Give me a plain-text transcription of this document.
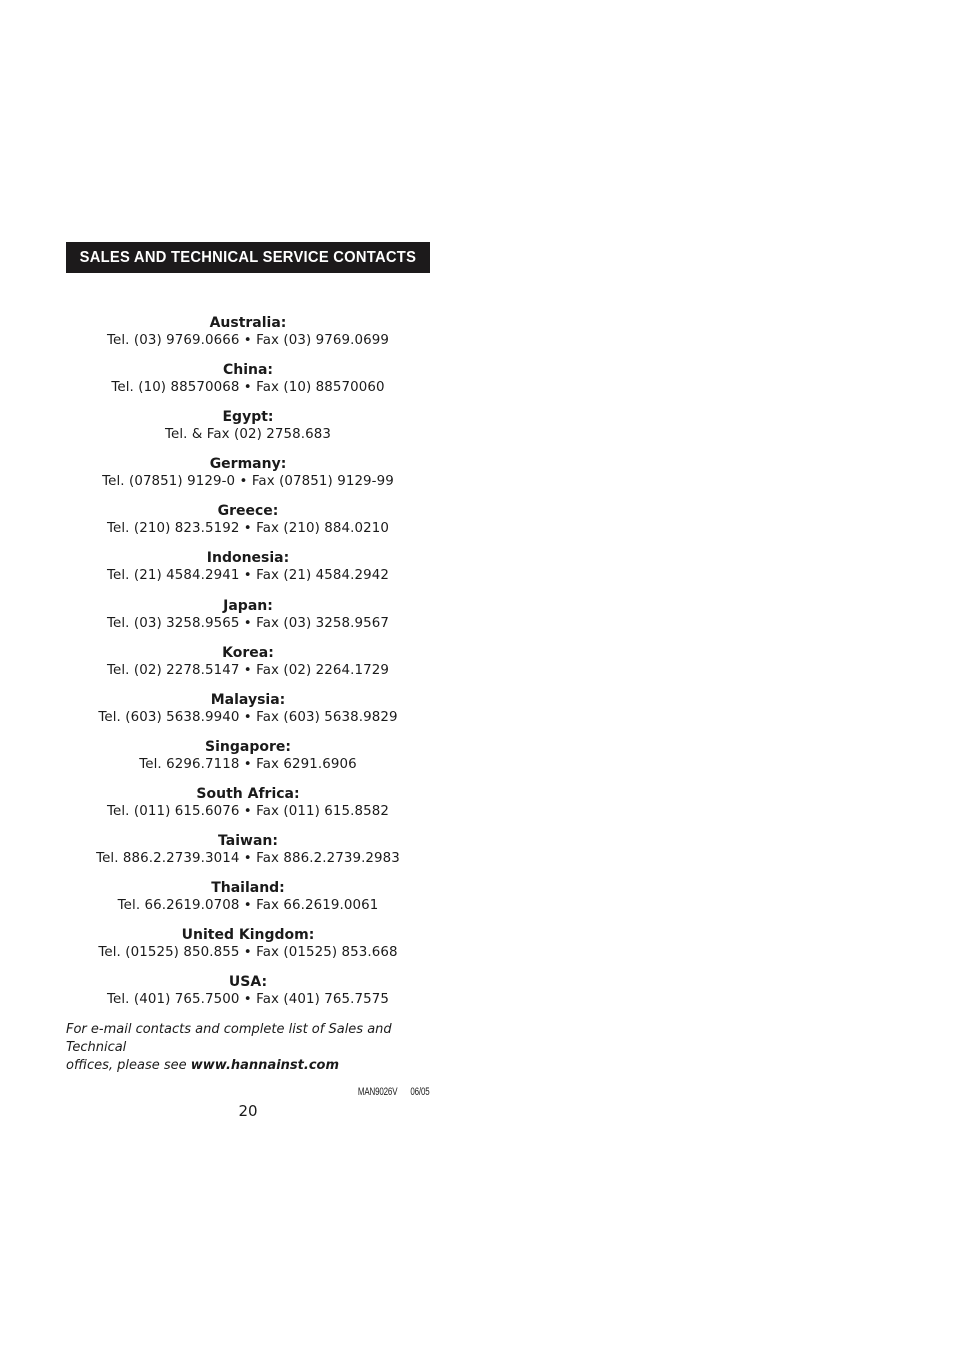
SALES AND TECHNICAL SERVICE CONTACTS
Australia:
Tel. (03) 9769.0666 • Fax (03) 9769.0699
China:
Tel. (10) 88570068 • Fax (10) 88570060
Egypt:
Tel. & Fax (02) 2758.683
Germany:
Tel. (07851) 9129-0 • Fax (07851) 9129-99
Greece:
Tel. (210) 823.5192 • Fax (210) 884.0210
Indonesia:
Tel. (21) 4584.2941 • Fax (21) 4584.2942
Japan:
Tel. (03) 3258.9565 • Fax (03) 3258.9567
Korea:
Tel. (02) 2278.5147 • Fax (02) 2264.1729
Malaysia:
Tel. (603) 5638.9940 • Fax (603) 5638.9829
Singapore:
Tel. 6296.7118 • Fax 6291.6906
South Africa:
Tel. (011) 615.6076 • Fax (011) 615.8582
Taiwan:
Tel. 886.2.2739.3014 • Fax 886.2.2739.2983
Thailand:
Tel. 66.2619.0708 • Fax 66.2619.0061
United Kingdom:
Tel. (01525) 850.855 • Fax (01525) 853.668
USA:
Tel. (401) 765.7500 • Fax (401) 765.7575
For e-mail contacts and complete list of Sales and Technical
offices, please see www.hannainst.com
MAN9026V 06/05
20
